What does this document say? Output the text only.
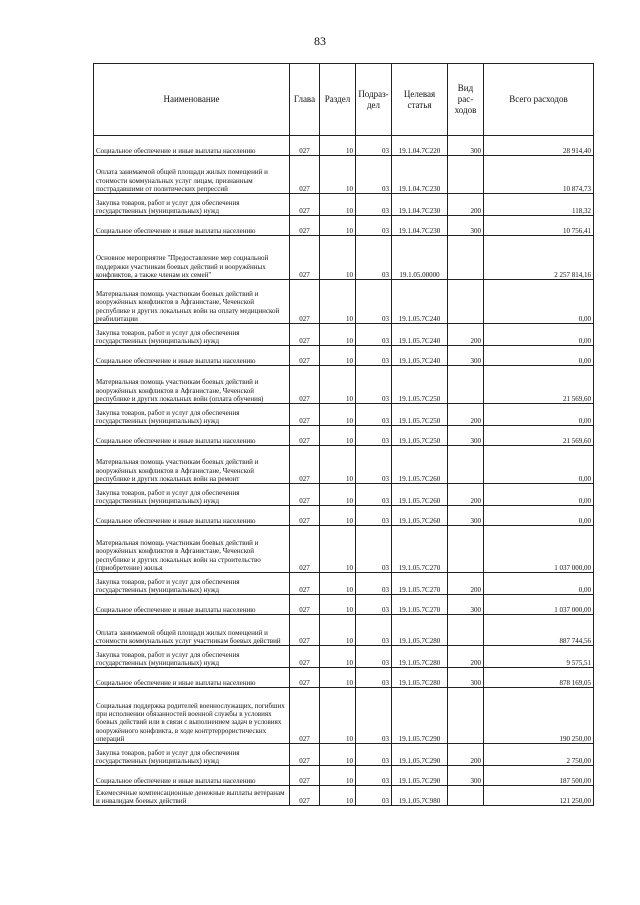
83
Наименование	Глава	Раздел	Подраз-дел	Целевая статья	Вид рас-ходов	Всего расходов

Социальное обеспечение и иные выплаты населению	027	10	03	19.1.04.7С220	300	28 914,40

Оплата занимаемой общей площади жилых помещений и стоимости коммунальных услуг лицам, признанным пострадавшими от политических репрессий	027	10	03	19.1.04.7С230		10 874,73

Закупка товаров, работ и услуг для обеспечения государственных (муниципальных) нужд	027	10	03	19.1.04.7С230	200	118,32

Социальное обеспечение и иные выплаты населению	027	10	03	19.1.04.7С230	300	10 756,41

Основное мероприятие "Предоставление мер социальной поддержки участникам боевых действий и вооружённых конфликтов, а также членам их семей"	027	10	03	19.1.05.00000		2 257 814,16

Материальная помощь участникам боевых действий и вооружённых конфликтов в Афганистане, Чеченской республике и других локальных войн на оплату медицинской реабилитации	027	10	03	19.1.05.7С240		0,00

Закупка товаров, работ и услуг для обеспечения государственных (муниципальных) нужд	027	10	03	19.1.05.7С240	200	0,00

Социальное обеспечение и иные выплаты населению	027	10	03	19.1.05.7С240	300	0,00

Материальная помощь участникам боевых действий и вооружённых конфликтов в Афганистане, Чеченской республике и других локальных войн (оплата обучения)	027	10	03	19.1.05.7С250		21 569,60

Закупка товаров, работ и услуг для обеспечения государственных (муниципальных) нужд	027	10	03	19.1.05.7С250	200	0,00

Социальное обеспечение и иные выплаты населению	027	10	03	19.1.05.7С250	300	21 569,60

Материальная помощь участникам боевых действий и вооружённых конфликтов в Афганистане, Чеченской республике и других локальных войн на ремонт	027	10	03	19.1.05.7С260		0,00

Закупка товаров, работ и услуг для обеспечения государственных (муниципальных) нужд	027	10	03	19.1.05.7С260	200	0,00

Социальное обеспечение и иные выплаты населению	027	10	03	19.1.05.7С260	300	0,00

Материальная помощь участникам боевых действий и вооружённых конфликтов в Афганистане, Чеченской республике и других локальных войн на строительство (приобретение) жилья	027	10	03	19.1.05.7С270		1 037 000,00

Закупка товаров, работ и услуг для обеспечения государственных (муниципальных) нужд	027	10	03	19.1.05.7С270	200	0,00

Социальное обеспечение и иные выплаты населению	027	10	03	19.1.05.7С270	300	1 037 000,00

Оплата занимаемой общей площади жилых помещений и стоимости коммунальных услуг участникам боевых действий	027	10	03	19.1.05.7С280		887 744,56

Закупка товаров, работ и услуг для обеспечения государственных (муниципальных) нужд	027	10	03	19.1.05.7С280	200	9 575,51

Социальное обеспечение и иные выплаты населению	027	10	03	19.1.05.7С280	300	878 169,05

Социальная поддержка родителей военнослужащих, погибших при исполнении обязанностей военной службы в условиях боевых действий или в связи с выполнением задач в условиях вооружённого конфликта, в ходе контртеррористических операций	027	10	03	19.1.05.7С290		190 250,00

Закупка товаров, работ и услуг для обеспечения государственных (муниципальных) нужд	027	10	03	19.1.05.7С290	200	2 750,00

Социальное обеспечение и иные выплаты населению	027	10	03	19.1.05.7С290	300	187 500,00

Ежемесячные компенсационные денежные выплаты ветеранам и инвалидам боевых действий	027	10	03	19.1.05.7С980		121 250,00
